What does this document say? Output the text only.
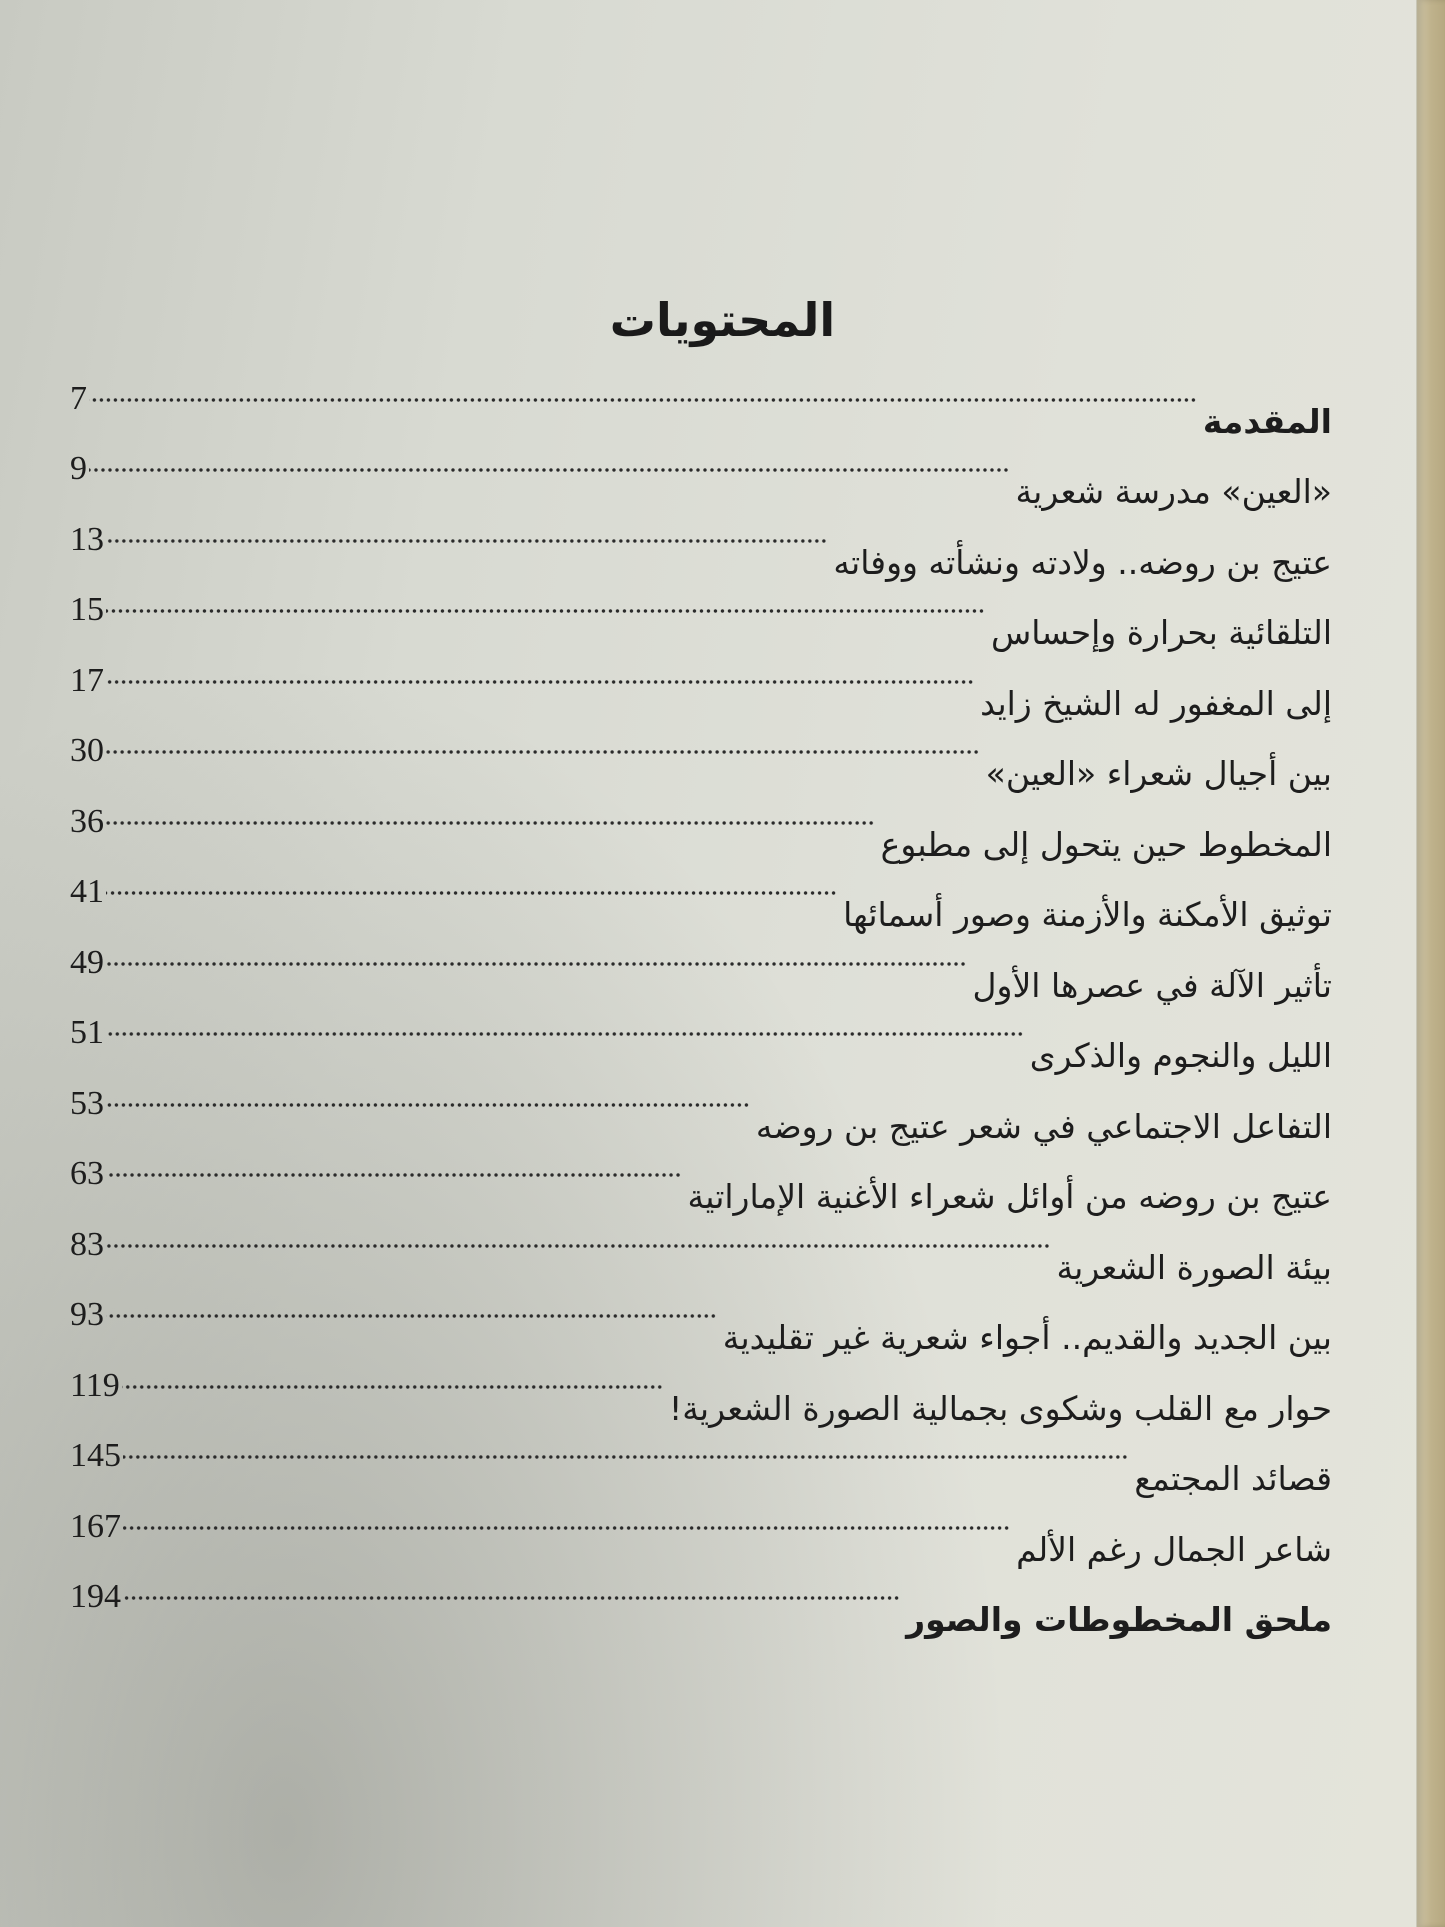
المحتويات
المقدمة
7
«العين» مدرسة شعرية
9
عتيج بن روضه.. ولادته ونشأته ووفاته
13
التلقائية بحرارة وإحساس
15
إلى المغفور له الشيخ زايد
17
بين أجيال شعراء «العين»
30
المخطوط حين يتحول إلى مطبوع
36
توثيق الأمكنة والأزمنة وصور أسمائها
41
تأثير الآلة في عصرها الأول
49
الليل والنجوم والذكرى
51
التفاعل الاجتماعي في شعر عتيج بن روضه
53
عتيج بن روضه من أوائل شعراء الأغنية الإماراتية
63
بيئة الصورة الشعرية
83
بين الجديد والقديم.. أجواء شعرية غير تقليدية
93
حوار مع القلب وشكوى بجمالية الصورة الشعرية!
119
قصائد المجتمع
145
شاعر الجمال رغم الألم
167
ملحق المخطوطات والصور
194
